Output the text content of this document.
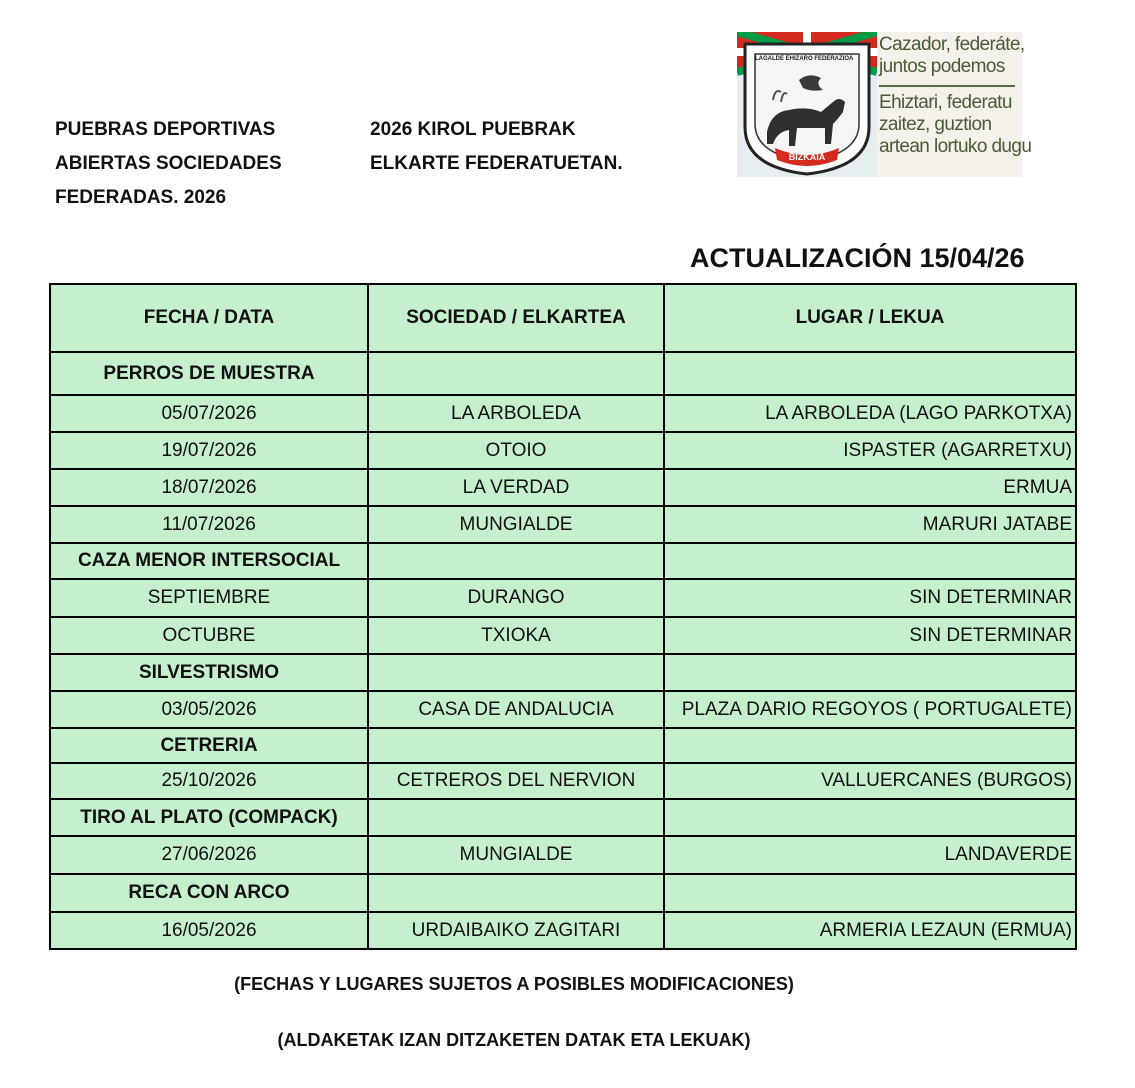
PUEBRAS DEPORTIVAS
ABIERTAS SOCIEDADES
FEDERADAS. 2026
2026 KIROL PUEBRAK
ELKARTE FEDERATUETAN.
LAGALDE EHIZARO FEDERAZIOA
BIZKAIA
Cazador, federáte,
juntos podemos
Ehiztari, federatu
zaitez, guztion
artean lortuko dugu
ACTUALIZACIÓN 15/04/26
FECHA / DATA	SOCIEDAD / ELKARTEA	LUGAR / LEKUA
PERROS DE MUESTRA		
05/07/2026	LA ARBOLEDA	LA ARBOLEDA (LAGO PARKOTXA)
19/07/2026	OTOIO	ISPASTER (AGARRETXU)
18/07/2026	LA VERDAD	ERMUA
11/07/2026	MUNGIALDE	MARURI JATABE
CAZA MENOR INTERSOCIAL		
SEPTIEMBRE	DURANGO	SIN DETERMINAR
OCTUBRE	TXIOKA	SIN DETERMINAR
SILVESTRISMO		
03/05/2026	CASA DE ANDALUCIA	PLAZA DARIO REGOYOS ( PORTUGALETE)
CETRERIA		
25/10/2026	CETREROS DEL NERVION	VALLUERCANES (BURGOS)
TIRO AL PLATO (COMPACK)		
27/06/2026	MUNGIALDE	LANDAVERDE
RECA CON ARCO		
16/05/2026	URDAIBAIKO ZAGITARI	ARMERIA LEZAUN (ERMUA)
(FECHAS Y LUGARES SUJETOS A POSIBLES MODIFICACIONES)
(ALDAKETAK IZAN DITZAKETEN DATAK ETA LEKUAK)
